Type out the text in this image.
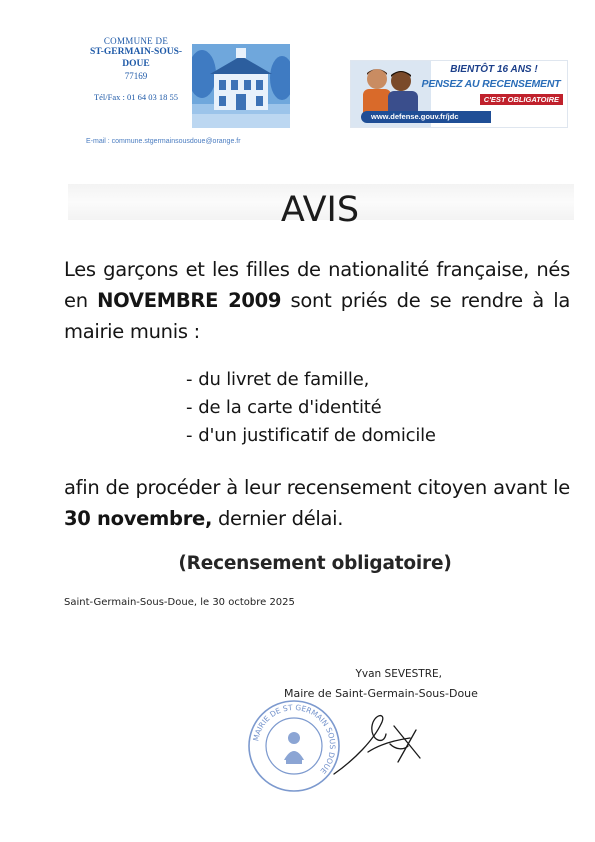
COMMUNE DE
ST-GERMAIN-SOUS-DOUE
77169
Tél/Fax : 01 64 03 18 55
E-mail : commune.stgermainsousdoue@orange.fr
BIENTÔT 16 ANS !
PENSEZ AU RECENSEMENT
C'EST OBLIGATOIRE
www.defense.gouv.fr/jdc
AVIS
Les garçons et les filles de nationalité française, nés en NOVEMBRE 2009 sont priés de se rendre à la mairie munis :
- du livret de famille,
- de la carte d'identité
- d'un justificatif de domicile
afin de procéder à leur recensement citoyen avant le 30 novembre, dernier délai.
(Recensement obligatoire)
Saint-Germain-Sous-Doue, le 30 octobre 2025
Yvan SEVESTRE,
Maire de Saint-Germain-Sous-Doue
MAIRIE DE ST GERMAIN SOUS DOUE
